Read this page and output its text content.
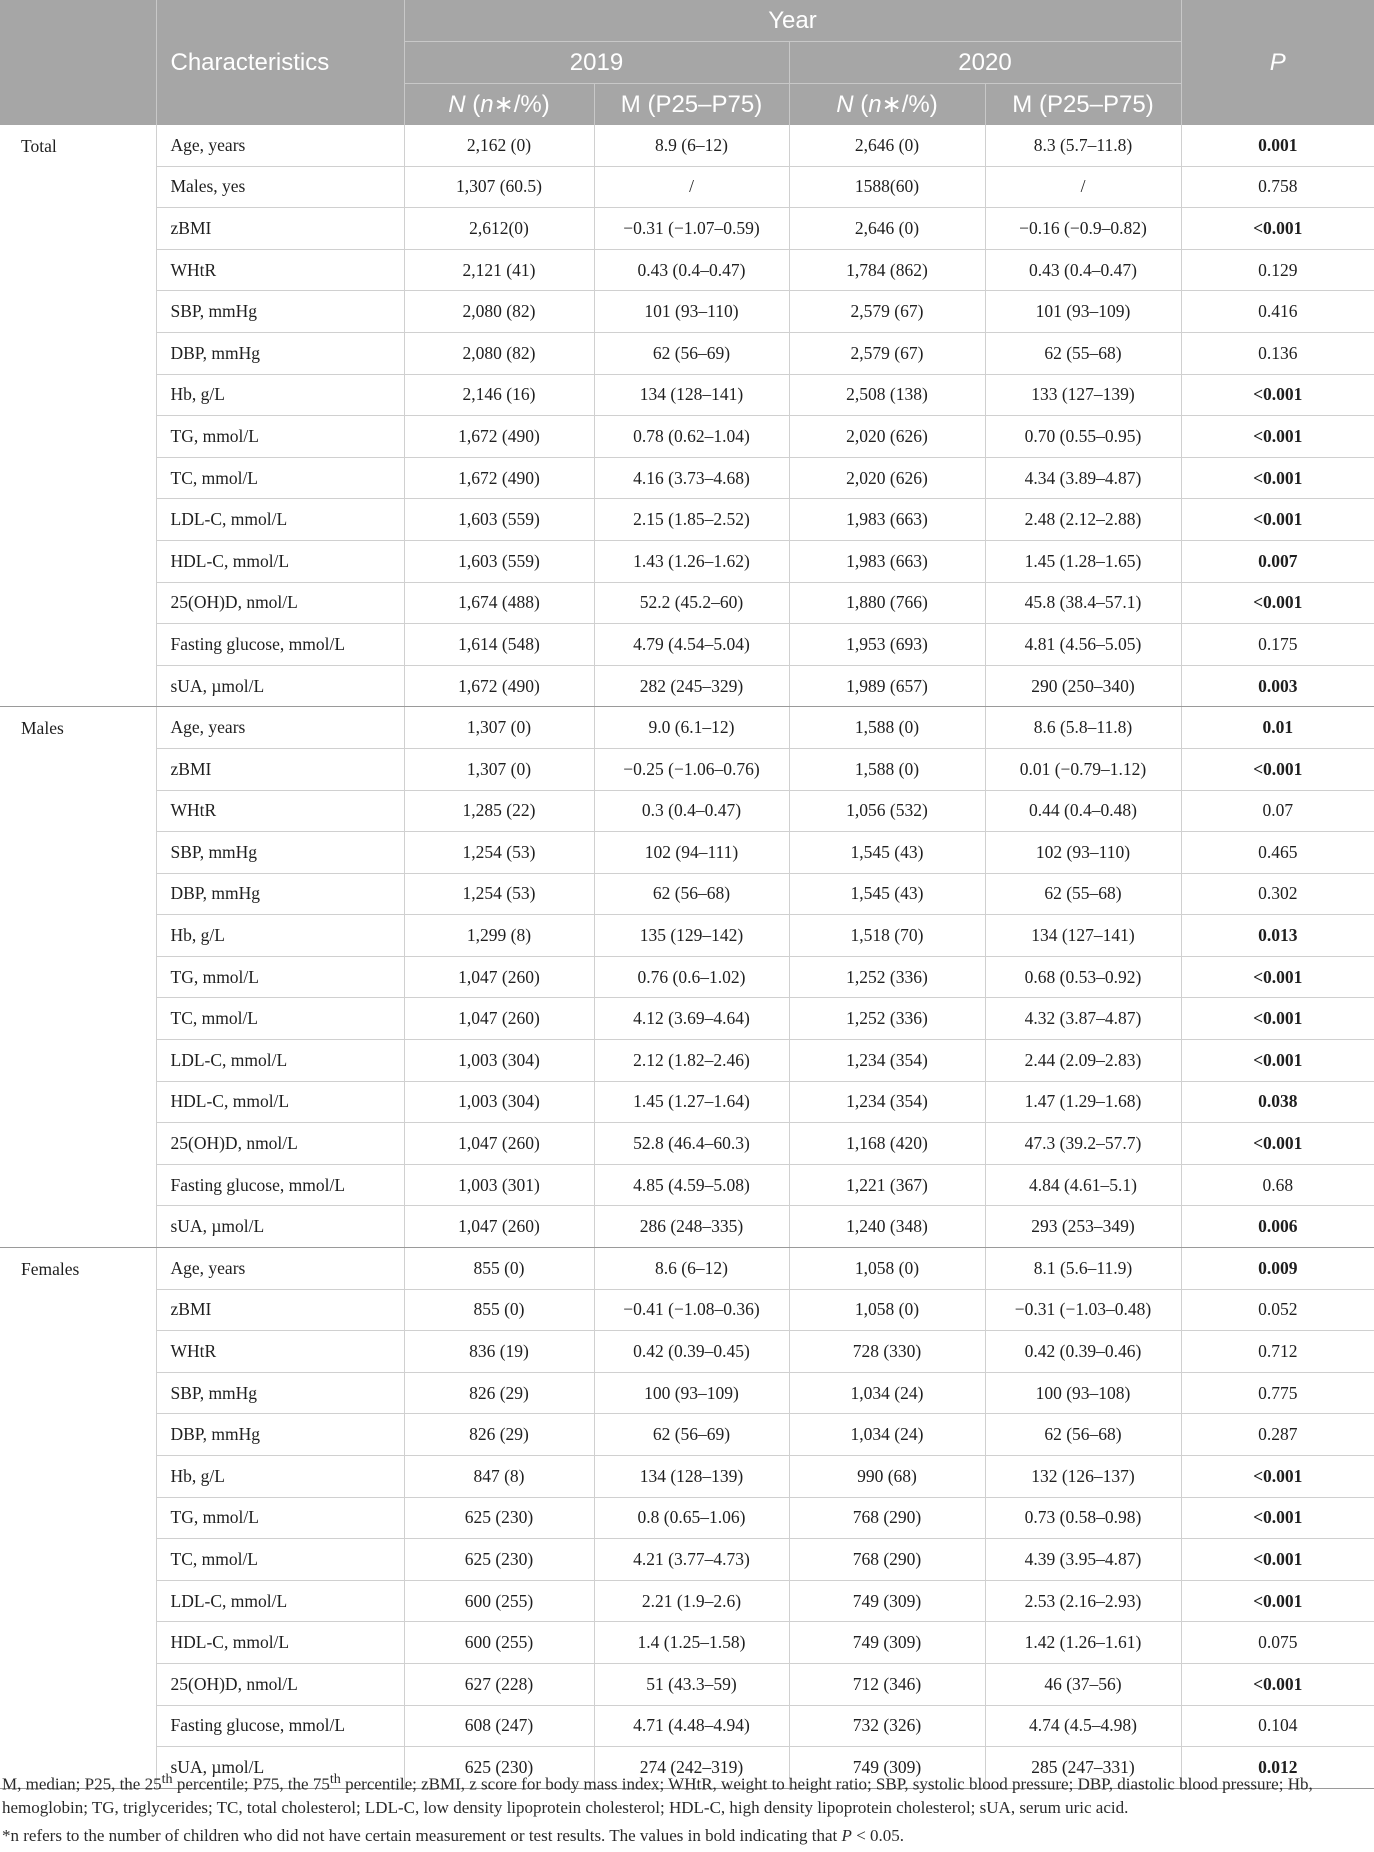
	Characteristics	Year				P
		2019		2020		
		N (n∗/%)	M (P25–P75)	N (n∗/%)	M (P25–P75)	
Total	Age, years	2,162 (0)	8.9 (6–12)	2,646 (0)	8.3 (5.7–11.8)	0.001
	Males, yes	1,307 (60.5)	/	1588(60)	/	0.758
	zBMI	2,612(0)	−0.31 (−1.07–0.59)	2,646 (0)	−0.16 (−0.9–0.82)	<0.001
	WHtR	2,121 (41)	0.43 (0.4–0.47)	1,784 (862)	0.43 (0.4–0.47)	0.129
	SBP, mmHg	2,080 (82)	101 (93–110)	2,579 (67)	101 (93–109)	0.416
	DBP, mmHg	2,080 (82)	62 (56–69)	2,579 (67)	62 (55–68)	0.136
	Hb, g/L	2,146 (16)	134 (128–141)	2,508 (138)	133 (127–139)	<0.001
	TG, mmol/L	1,672 (490)	0.78 (0.62–1.04)	2,020 (626)	0.70 (0.55–0.95)	<0.001
	TC, mmol/L	1,672 (490)	4.16 (3.73–4.68)	2,020 (626)	4.34 (3.89–4.87)	<0.001
	LDL-C, mmol/L	1,603 (559)	2.15 (1.85–2.52)	1,983 (663)	2.48 (2.12–2.88)	<0.001
	HDL-C, mmol/L	1,603 (559)	1.43 (1.26–1.62)	1,983 (663)	1.45 (1.28–1.65)	0.007
	25(OH)D, nmol/L	1,674 (488)	52.2 (45.2–60)	1,880 (766)	45.8 (38.4–57.1)	<0.001
	Fasting glucose, mmol/L	1,614 (548)	4.79 (4.54–5.04)	1,953 (693)	4.81 (4.56–5.05)	0.175
	sUA, µmol/L	1,672 (490)	282 (245–329)	1,989 (657)	290 (250–340)	0.003
Males	Age, years	1,307 (0)	9.0 (6.1–12)	1,588 (0)	8.6 (5.8–11.8)	0.01
	zBMI	1,307 (0)	−0.25 (−1.06–0.76)	1,588 (0)	0.01 (−0.79–1.12)	<0.001
	WHtR	1,285 (22)	0.3 (0.4–0.47)	1,056 (532)	0.44 (0.4–0.48)	0.07
	SBP, mmHg	1,254 (53)	102 (94–111)	1,545 (43)	102 (93–110)	0.465
	DBP, mmHg	1,254 (53)	62 (56–68)	1,545 (43)	62 (55–68)	0.302
	Hb, g/L	1,299 (8)	135 (129–142)	1,518 (70)	134 (127–141)	0.013
	TG, mmol/L	1,047 (260)	0.76 (0.6–1.02)	1,252 (336)	0.68 (0.53–0.92)	<0.001
	TC, mmol/L	1,047 (260)	4.12 (3.69–4.64)	1,252 (336)	4.32 (3.87–4.87)	<0.001
	LDL-C, mmol/L	1,003 (304)	2.12 (1.82–2.46)	1,234 (354)	2.44 (2.09–2.83)	<0.001
	HDL-C, mmol/L	1,003 (304)	1.45 (1.27–1.64)	1,234 (354)	1.47 (1.29–1.68)	0.038
	25(OH)D, nmol/L	1,047 (260)	52.8 (46.4–60.3)	1,168 (420)	47.3 (39.2–57.7)	<0.001
	Fasting glucose, mmol/L	1,003 (301)	4.85 (4.59–5.08)	1,221 (367)	4.84 (4.61–5.1)	0.68
	sUA, µmol/L	1,047 (260)	286 (248–335)	1,240 (348)	293 (253–349)	0.006
Females	Age, years	855 (0)	8.6 (6–12)	1,058 (0)	8.1 (5.6–11.9)	0.009
	zBMI	855 (0)	−0.41 (−1.08–0.36)	1,058 (0)	−0.31 (−1.03–0.48)	0.052
	WHtR	836 (19)	0.42 (0.39–0.45)	728 (330)	0.42 (0.39–0.46)	0.712
	SBP, mmHg	826 (29)	100 (93–109)	1,034 (24)	100 (93–108)	0.775
	DBP, mmHg	826 (29)	62 (56–69)	1,034 (24)	62 (56–68)	0.287
	Hb, g/L	847 (8)	134 (128–139)	990 (68)	132 (126–137)	<0.001
	TG, mmol/L	625 (230)	0.8 (0.65–1.06)	768 (290)	0.73 (0.58–0.98)	<0.001
	TC, mmol/L	625 (230)	4.21 (3.77–4.73)	768 (290)	4.39 (3.95–4.87)	<0.001
	LDL-C, mmol/L	600 (255)	2.21 (1.9–2.6)	749 (309)	2.53 (2.16–2.93)	<0.001
	HDL-C, mmol/L	600 (255)	1.4 (1.25–1.58)	749 (309)	1.42 (1.26–1.61)	0.075
	25(OH)D, nmol/L	627 (228)	51 (43.3–59)	712 (346)	46 (37–56)	<0.001
	Fasting glucose, mmol/L	608 (247)	4.71 (4.48–4.94)	732 (326)	4.74 (4.5–4.98)	0.104
	sUA, µmol/L	625 (230)	274 (242–319)	749 (309)	285 (247–331)	0.012

M, median; P25, the 25th percentile; P75, the 75th percentile; zBMI, z score for body mass index; WHtR, weight to height ratio; SBP, systolic blood pressure; DBP, diastolic blood pressure; Hb, hemoglobin; TG, triglycerides; TC, total cholesterol; LDL-C, low density lipoprotein cholesterol; HDL-C, high density lipoprotein cholesterol; sUA, serum uric acid.

*n refers to the number of children who did not have certain measurement or test results. The values in bold indicating that P < 0.05.
